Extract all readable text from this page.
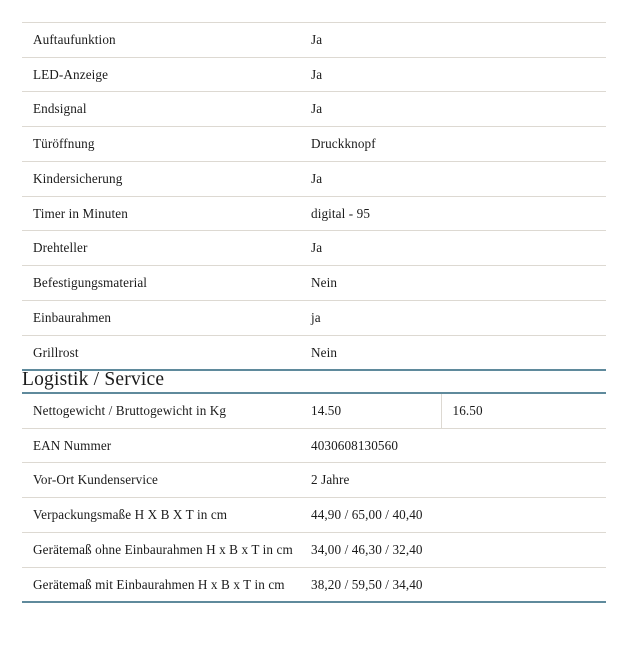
Auftaufunktion	Ja
LED-Anzeige	Ja
Endsignal	Ja
Türöffnung	Druckknopf
Kindersicherung	Ja
Timer in Minuten	digital - 95
Drehteller	Ja
Befestigungsmaterial	Nein
Einbaurahmen	ja
Grillrost	Nein
Logistik / Service
Nettogewicht / Bruttogewicht in Kg	14.50	16.50
EAN Nummer	4030608130560	
Vor-Ort Kundenservice	2 Jahre	
Verpackungsmaße H X B X T in cm	44,90 / 65,00 / 40,40	
Gerätemaß ohne Einbaurahmen H x B x T in cm	34,00 / 46,30 / 32,40	
Gerätemaß mit Einbaurahmen H x B x T in cm	38,20 / 59,50 / 34,40	
